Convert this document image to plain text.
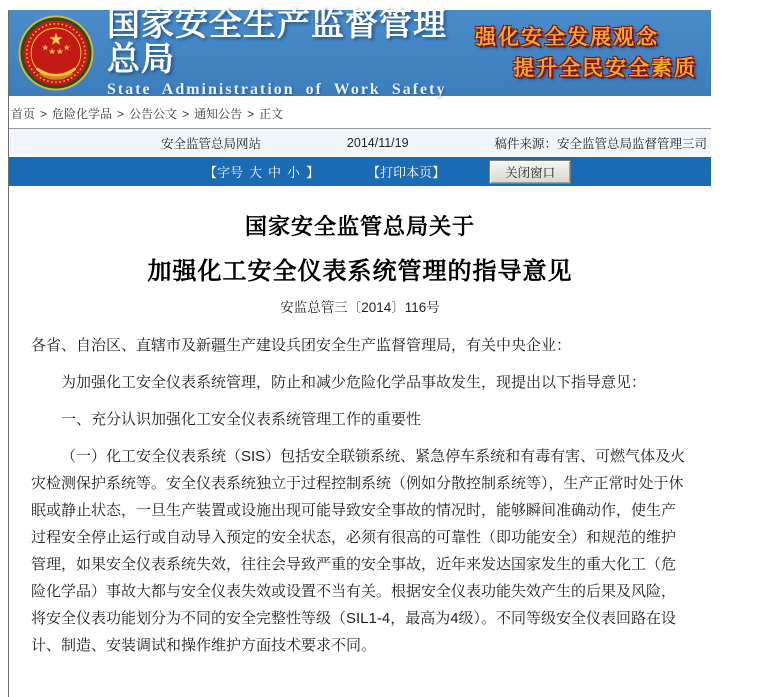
国家安全生产监督管理总局
State Administration of Work Safety
强化安全发展观念
提升全民安全素质
首页 > 危险化学品 > 公告公文 > 通知公告 > 正文
安全监管总局网站	2014/11/19	稿件来源：安全监管总局监督管理三司
【字号 大 中 小 】	【打印本页】	关闭窗口
国家安全监管总局关于
加强化工安全仪表系统管理的指导意见
安监总管三〔2014〕116号

各省、自治区、直辖市及新疆生产建设兵团安全生产监督管理局，有关中央企业：

为加强化工安全仪表系统管理，防止和减少危险化学品事故发生，现提出以下指导意见：

一、充分认识加强化工安全仪表系统管理工作的重要性

（一）化工安全仪表系统（SIS）包括安全联锁系统、紧急停车系统和有毒有害、可燃气体及火灾检测保护系统等。安全仪表系统独立于过程控制系统（例如分散控制系统等），生产正常时处于休眠或静止状态，一旦生产装置或设施出现可能导致安全事故的情况时，能够瞬间准确动作，使生产过程安全停止运行或自动导入预定的安全状态，必须有很高的可靠性（即功能安全）和规范的维护管理，如果安全仪表系统失效，往往会导致严重的安全事故，近年来发达国家发生的重大化工（危险化学品）事故大都与安全仪表失效或设置不当有关。根据安全仪表功能失效产生的后果及风险，将安全仪表功能划分为不同的安全完整性等级（SIL1-4，最高为4级）。不同等级安全仪表回路在设计、制造、安装调试和操作维护方面技术要求不同。
